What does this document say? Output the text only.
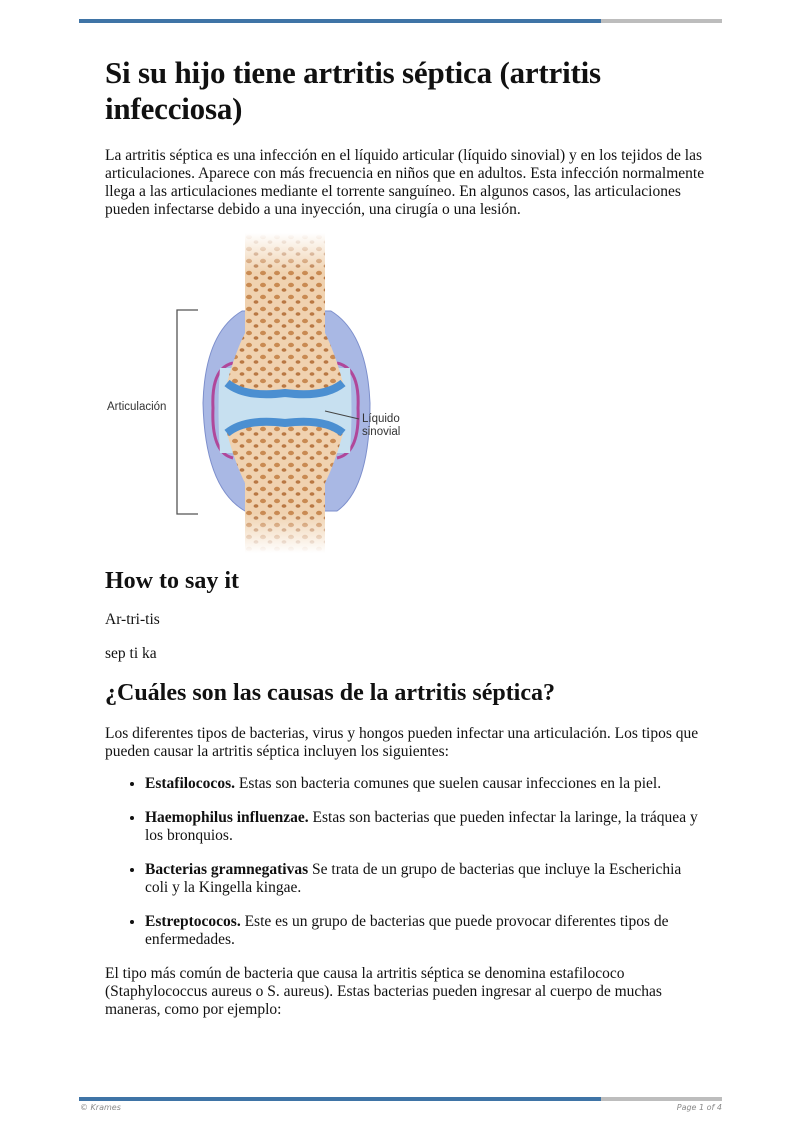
Si su hijo tiene artritis séptica (artritis infecciosa)

La artritis séptica es una infección en el líquido articular (líquido sinovial) y en los tejidos de las articulaciones. Aparece con más frecuencia en niños que en adultos. Esta infección normalmente llega a las articulaciones mediante el torrente sanguíneo. En algunos casos, las articulaciones pueden infectarse debido a una inyección, una cirugía o una lesión.

Articulación
Líquido
sinovial
How to say it

Ar-tri-tis

sep ti ka

¿Cuáles son las causas de la artritis séptica?

Los diferentes tipos de bacterias, virus y hongos pueden infectar una articulación. Los tipos que pueden causar la artritis séptica incluyen los siguientes:

• Estafilococos. Estas son bacteria comunes que suelen causar infecciones en la piel.
• Haemophilus influenzae. Estas son bacterias que pueden infectar la laringe, la tráquea y los bronquios.
• Bacterias gramnegativas Se trata de un grupo de bacterias que incluye la Escherichia coli y la Kingella kingae.
• Estreptococos. Este es un grupo de bacterias que puede provocar diferentes tipos de enfermedades.

El tipo más común de bacteria que causa la artritis séptica se denomina estafilococo (Staphylococcus aureus o S. aureus). Estas bacterias pueden ingresar al cuerpo de muchas maneras, como por ejemplo:

© Krames	Page 1 of 4
